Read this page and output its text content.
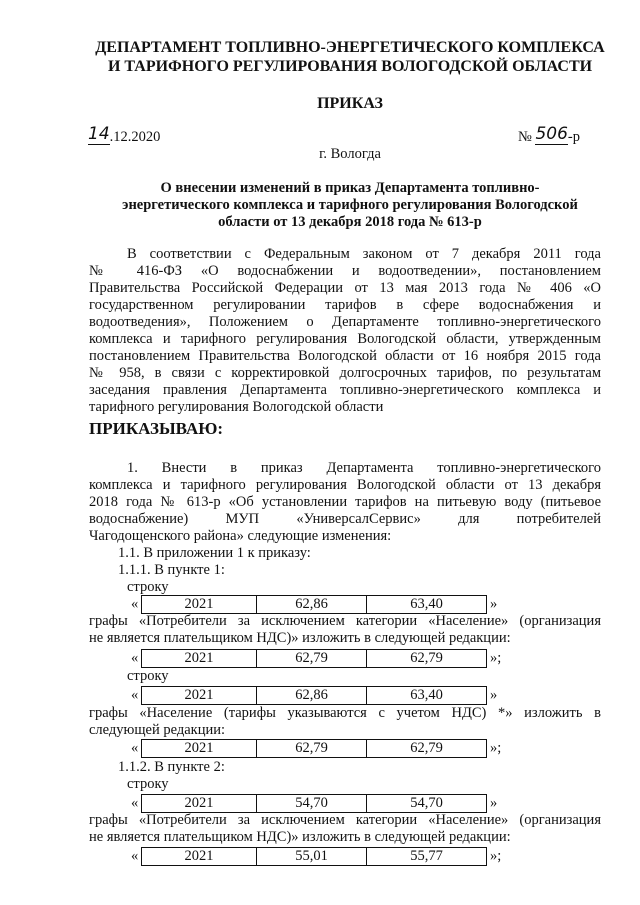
ДЕПАРТАМЕНТ ТОПЛИВНО-ЭНЕРГЕТИЧЕСКОГО КОМПЛЕКСА
И ТАРИФНОГО РЕГУЛИРОВАНИЯ ВОЛОГОДСКОЙ ОБЛАСТИ
ПРИКАЗ
14.12.2020	№ 506-р
г. Вологда
О внесении изменений в приказ Департамента топливно-
энергетического комплекса и тарифного регулирования Вологодской
области от 13 декабря 2018 года № 613-р
В соответствии с Федеральным законом от 7 декабря 2011 года
№ 416-ФЗ «О водоснабжении и водоотведении», постановлением
Правительства Российской Федерации от 13 мая 2013 года № 406 «О
государственном регулировании тарифов в сфере водоснабжения и
водоотведения», Положением о Департаменте топливно-энергетического
комплекса и тарифного регулирования Вологодской области, утвержденным
постановлением Правительства Вологодской области от 16 ноября 2015 года
№ 958, в связи с корректировкой долгосрочных тарифов, по результатам
заседания правления Департамента топливно-энергетического комплекса и
тарифного регулирования Вологодской области
ПРИКАЗЫВАЮ:
1. Внести в приказ Департамента топливно-энергетического
комплекса и тарифного регулирования Вологодской области от 13 декабря
2018 года № 613-р «Об установлении тарифов на питьевую воду (питьевое
водоснабжение) МУП «УниверсалСервис» для потребителей
Чагодощенского района» следующие изменения:
1.1. В приложении 1 к приказу:
1.1.1. В пункте 1:
строку
«	2021	62,86	63,40	»
графы «Потребители за исключением категории «Население» (организация
не является плательщиком НДС)» изложить в следующей редакции:
«	2021	62,79	62,79	»;
строку
«	2021	62,86	63,40	»
графы «Население (тарифы указываются с учетом НДС) *» изложить в
следующей редакции:
«	2021	62,79	62,79	»;
1.1.2. В пункте 2:
строку
«	2021	54,70	54,70	»
графы «Потребители за исключением категории «Население» (организация
не является плательщиком НДС)» изложить в следующей редакции:
«	2021	55,01	55,77	»;
